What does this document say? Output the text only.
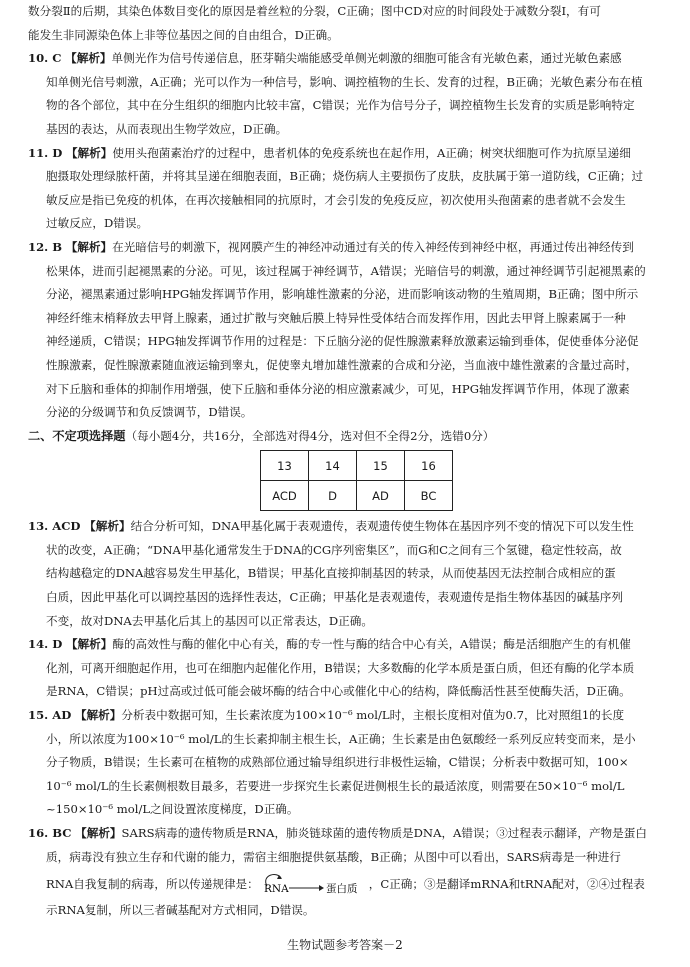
数分裂Ⅱ的后期，其染色体数目变化的原因是着丝粒的分裂，C正确；图中CD对应的时间段处于减数分裂Ⅰ，有可

能发生非同源染色体上非等位基因之间的自由组合，D正确。

10. C 【解析】单侧光作为信号传递信息，胚芽鞘尖端能感受单侧光刺激的细胞可能含有光敏色素，通过光敏色素感

知单侧光信号刺激，A正确；光可以作为一种信号，影响、调控植物的生长、发育的过程，B正确；光敏色素分布在植

物的各个部位，其中在分生组织的细胞内比较丰富，C错误；光作为信号分子，调控植物生长发育的实质是影响特定

基因的表达，从而表现出生物学效应，D正确。

11. D 【解析】使用头孢菌素治疗的过程中，患者机体的免疫系统也在起作用，A正确；树突状细胞可作为抗原呈递细

胞摄取处理绿脓杆菌，并将其呈递在细胞表面，B正确；烧伤病人主要损伤了皮肤，皮肤属于第一道防线，C正确；过

敏反应是指已免疫的机体，在再次接触相同的抗原时，才会引发的免疫反应，初次使用头孢菌素的患者就不会发生

过敏反应，D错误。

12. B 【解析】在光暗信号的刺激下，视网膜产生的神经冲动通过有关的传入神经传到神经中枢，再通过传出神经传到

松果体，进而引起褪黑素的分泌。可见，该过程属于神经调节，A错误；光暗信号的刺激，通过神经调节引起褪黑素的

分泌，褪黑素通过影响HPG轴发挥调节作用，影响雄性激素的分泌，进而影响该动物的生殖周期，B正确；图中所示

神经纤维末梢释放去甲肾上腺素，通过扩散与突触后膜上特异性受体结合而发挥作用，因此去甲肾上腺素属于一种

神经递质，C错误；HPG轴发挥调节作用的过程是：下丘脑分泌的促性腺激素释放激素运输到垂体，促使垂体分泌促

性腺激素，促性腺激素随血液运输到睾丸，促使睾丸增加雄性激素的合成和分泌，当血液中雄性激素的含量过高时，

对下丘脑和垂体的抑制作用增强，使下丘脑和垂体分泌的相应激素减少，可见，HPG轴发挥调节作用，体现了激素

分泌的分级调节和负反馈调节，D错误。

二、不定项选择题（每小题4分，共16分，全部选对得4分，选对但不全得2分，选错0分）

13	14	15	16
ACD	D	AD	BC

13. ACD 【解析】结合分析可知，DNA甲基化属于表观遗传，表观遗传使生物体在基因序列不变的情况下可以发生性

状的改变，A正确；“DNA甲基化通常发生于DNA的CG序列密集区”，而G和C之间有三个氢键，稳定性较高，故

结构越稳定的DNA越容易发生甲基化，B错误；甲基化直接抑制基因的转录，从而使基因无法控制合成相应的蛋

白质，因此甲基化可以调控基因的选择性表达，C正确；甲基化是表观遗传，表观遗传是指生物体基因的碱基序列

不变，故对DNA去甲基化后其上的基因可以正常表达，D正确。

14. D 【解析】酶的高效性与酶的催化中心有关，酶的专一性与酶的结合中心有关，A错误；酶是活细胞产生的有机催

化剂，可离开细胞起作用，也可在细胞内起催化作用，B错误；大多数酶的化学本质是蛋白质，但还有酶的化学本质

是RNA，C错误；pH过高或过低可能会破坏酶的结合中心或催化中心的结构，降低酶活性甚至使酶失活，D正确。

15. AD 【解析】分析表中数据可知，生长素浓度为100×10⁻⁶ mol/L时，主根长度相对值为0.7，比对照组1的长度

小，所以浓度为100×10⁻⁶ mol/L的生长素抑制主根生长，A正确；生长素是由色氨酸经一系列反应转变而来，是小

分子物质，B错误；生长素可在植物的成熟部位通过输导组织进行非极性运输，C错误；分析表中数据可知，100×

10⁻⁶ mol/L的生长素侧根数目最多，若要进一步探究生长素促进侧根生长的最适浓度，则需要在50×10⁻⁶ mol/L

~150×10⁻⁶ mol/L之间设置浓度梯度，D正确。

16. BC 【解析】SARS病毒的遗传物质是RNA，肺炎链球菌的遗传物质是DNA，A错误；③过程表示翻译，产物是蛋白

质，病毒没有独立生存和代谢的能力，需宿主细胞提供氨基酸，B正确；从图中可以看出，SARS病毒是一种进行

RNA自我复制的病毒，所以传递规律是： RNA	蛋白质 ，C正确；③是翻译mRNA和tRNA配对，②④过程表

示RNA复制，所以三者碱基配对方式相同，D错误。

生物试题参考答案－2
